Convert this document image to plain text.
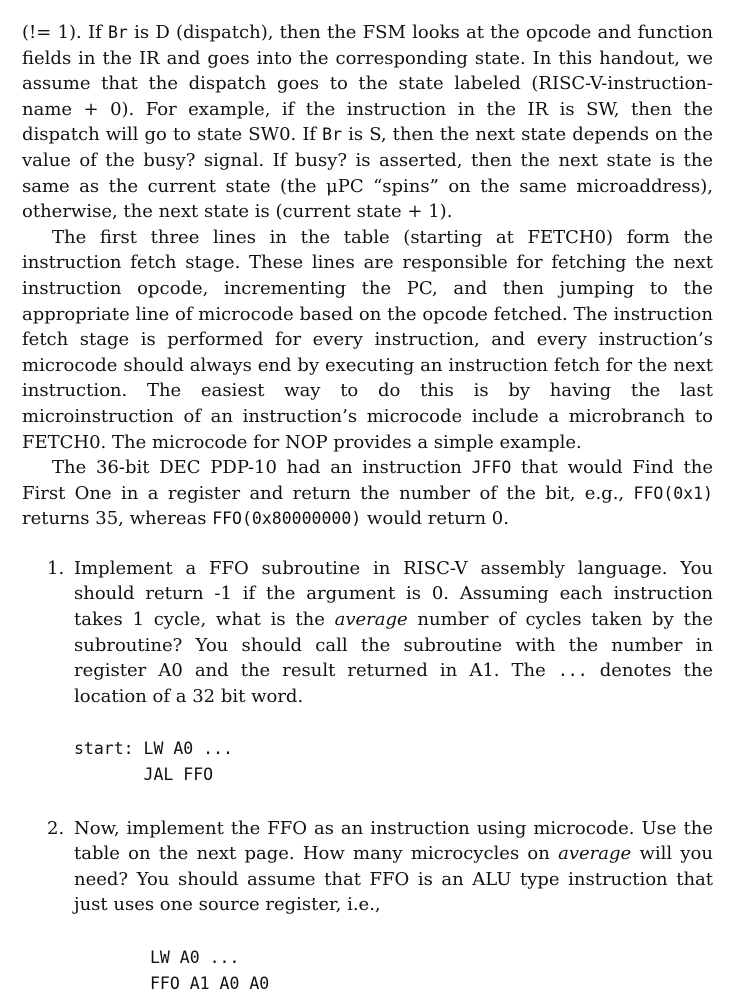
(!= 1). If Br is D (dispatch), then the FSM looks at the opcode and function fields in the IR and goes into the corresponding state. In this handout, we assume that the dispatch goes to the state labeled (RISC-V-instruction-name + 0). For example, if the instruction in the IR is SW, then the dispatch will go to state SW0. If Br is S, then the next state depends on the value of the busy? signal. If busy? is asserted, then the next state is the same as the current state (the μPC “spins” on the same microaddress), otherwise, the next state is (current state + 1).

The first three lines in the table (starting at FETCH0) form the instruction fetch stage. These lines are responsible for fetching the next instruction opcode, incrementing the PC, and then jumping to the appropriate line of microcode based on the opcode fetched. The instruction fetch stage is performed for every instruction, and every instruction’s microcode should always end by executing an instruction fetch for the next instruction. The easiest way to do this is by having the last microinstruction of an instruction’s microcode include a microbranch to FETCH0. The microcode for NOP provides a simple example.

The 36-bit DEC PDP-10 had an instruction JFFO that would Find the First One in a register and return the number of the bit, e.g., FFO(0x1) returns 35, whereas FFO(0x80000000) would return 0.

1. Implement a FFO subroutine in RISC-V assembly language. You should return -1 if the argument is 0. Assuming each instruction takes 1 cycle, what is the average number of cycles taken by the subroutine? You should call the subroutine with the number in register A0 and the result returned in A1. The ... denotes the location of a 32 bit word.

start: LW A0 ...
JAL FFO
2. Now, implement the FFO as an instruction using microcode. Use the table on the next page. How many microcycles on average will you need? You should assume that FFO is an ALU type instruction that just uses one source register, i.e.,

LW A0 ...
FFO A1 A0 A0
